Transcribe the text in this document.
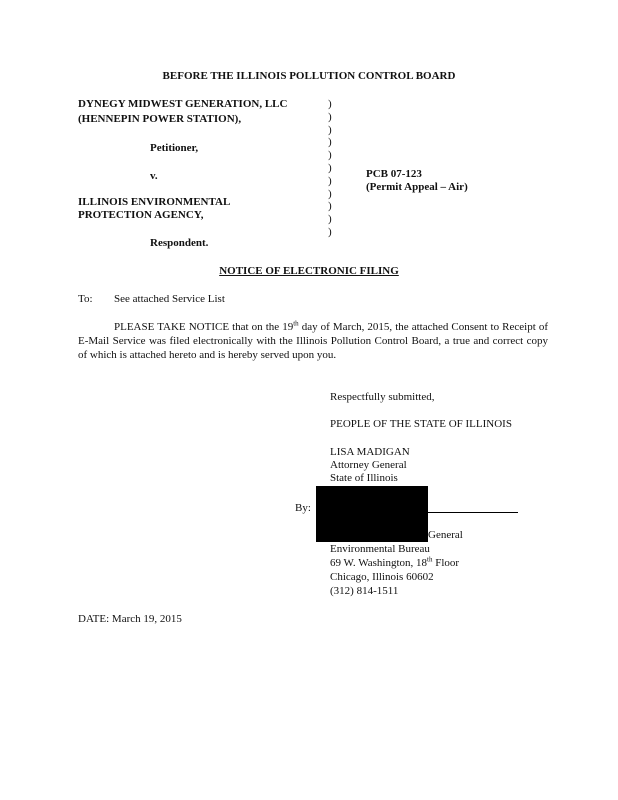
BEFORE THE ILLINOIS POLLUTION CONTROL BOARD
DYNEGY MIDWEST GENERATION, LLC
(HENNEPIN POWER STATION),
Petitioner,
v.
ILLINOIS ENVIRONMENTAL
PROTECTION AGENCY,
Respondent.
)
)
)
)
)
)
)
)
)
)
)
PCB 07-123
(Permit Appeal – Air)
NOTICE OF ELECTRONIC FILING
To: See attached Service List
PLEASE TAKE NOTICE that on the 19th day of March, 2015, the attached Consent to Receipt of E-Mail Service was filed electronically with the Illinois Pollution Control Board, a true and correct copy of which is attached hereto and is hereby served upon you.
Respectfully submitted,
PEOPLE OF THE STATE OF ILLINOIS
LISA MADIGAN
Attorney General
State of Illinois
By:
General
Environmental Bureau
69 W. Washington, 18th Floor
Chicago, Illinois 60602
(312) 814-1511
DATE: March 19, 2015
